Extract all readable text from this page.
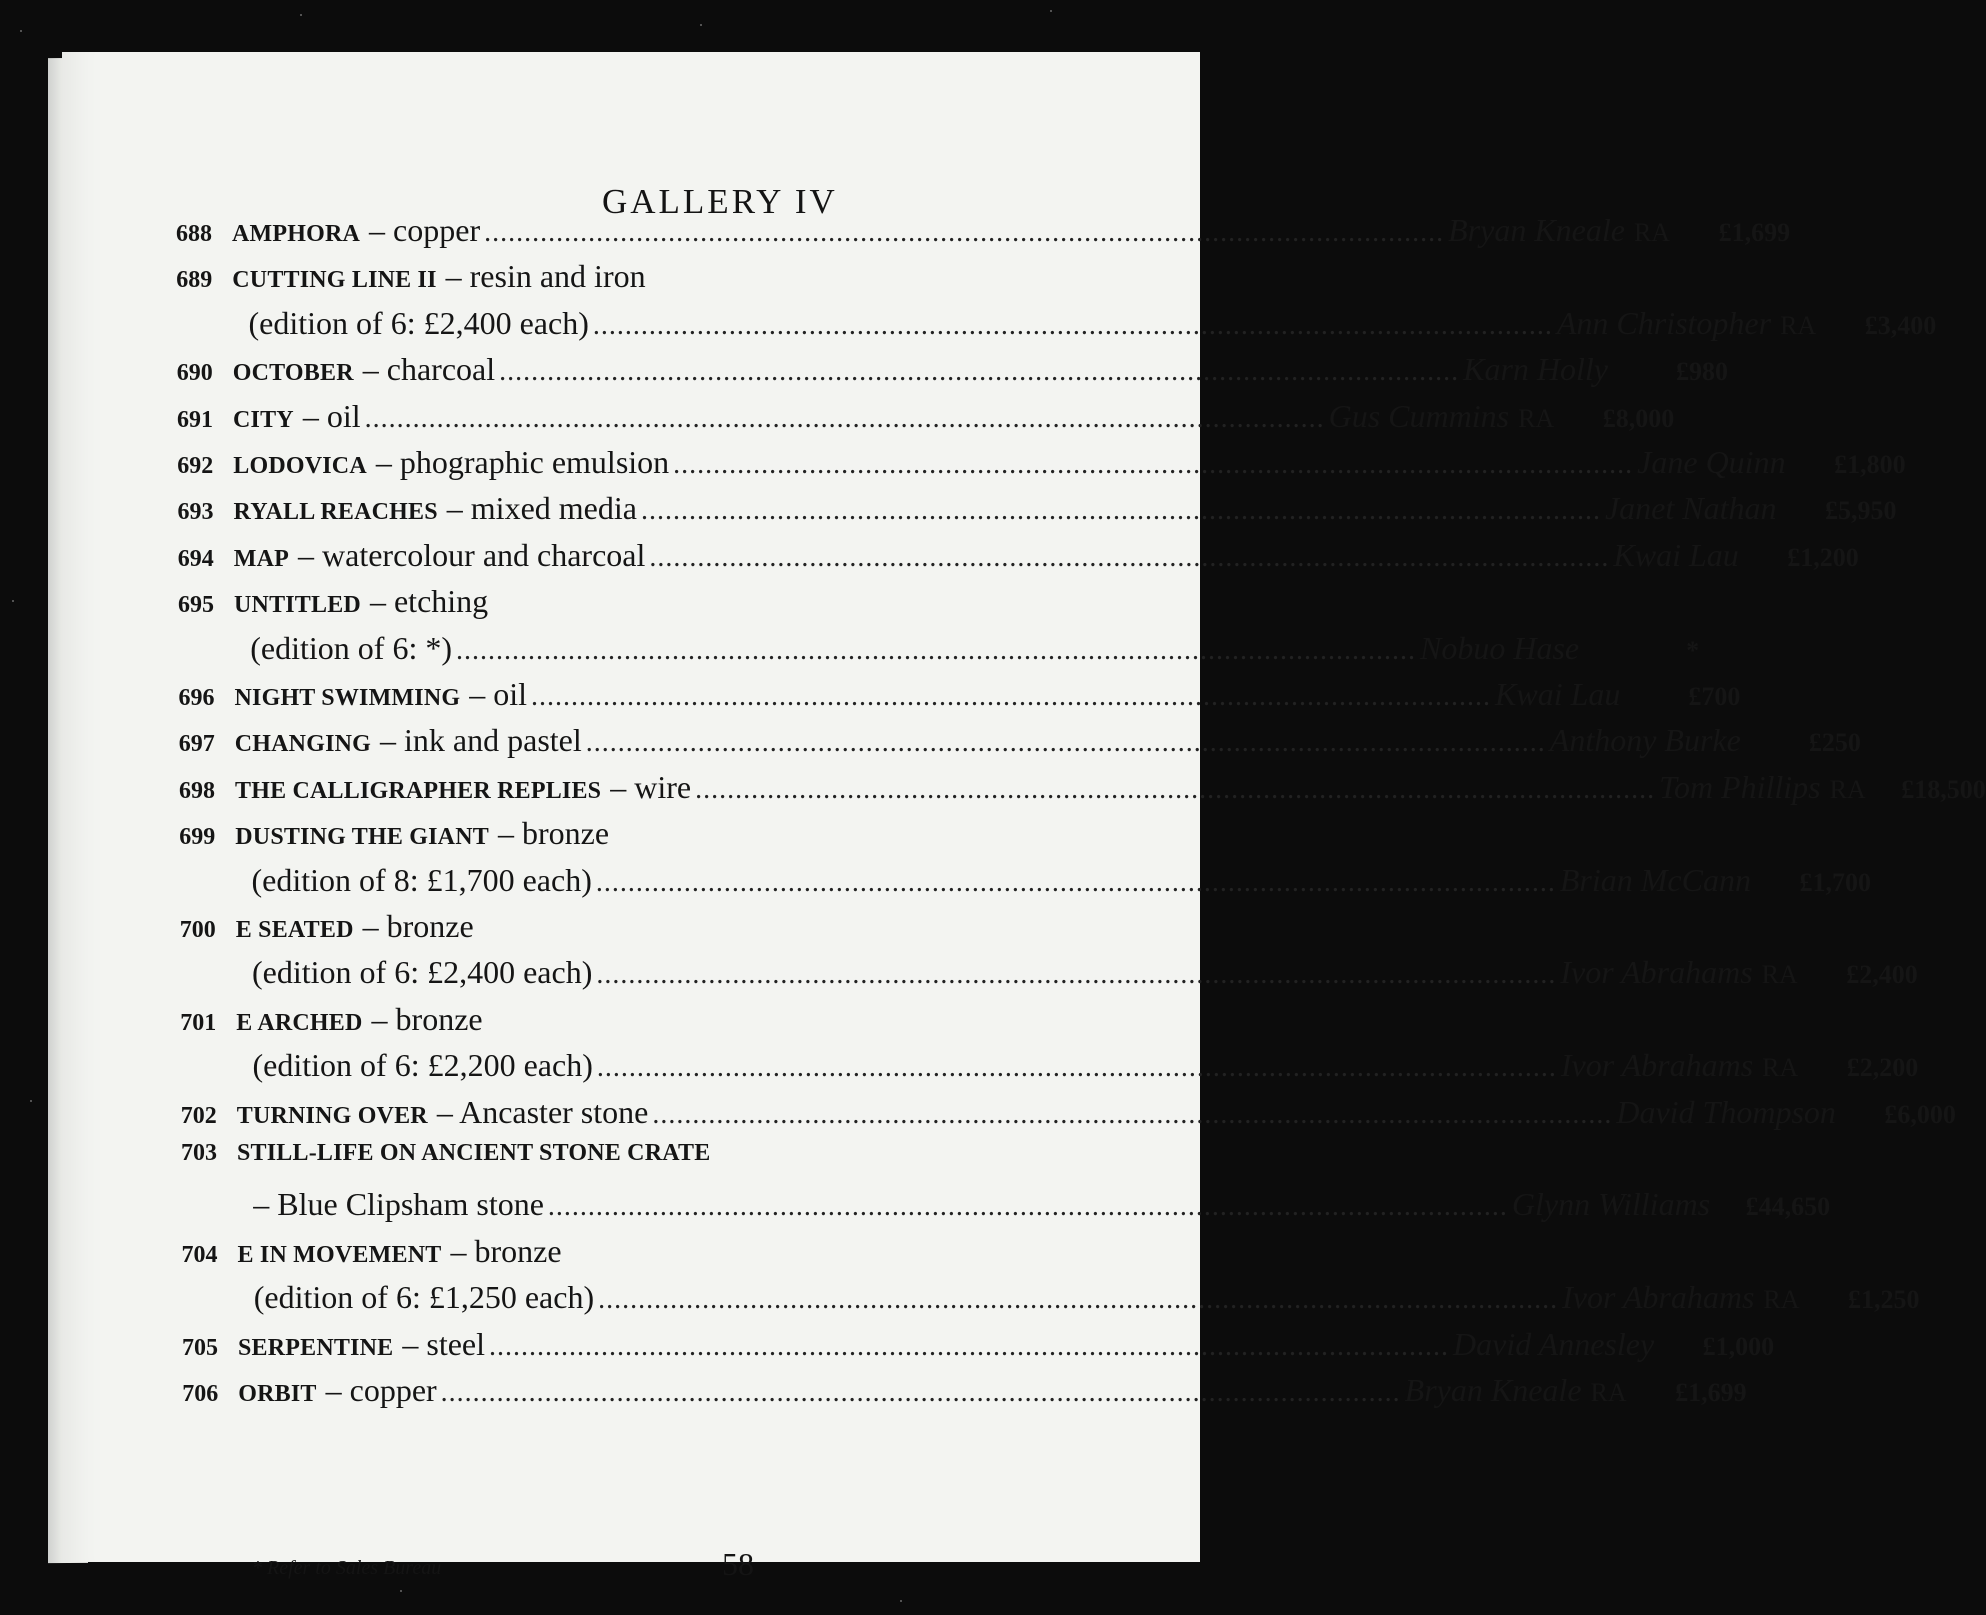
GALLERY IV
688 AMPHORA – copper ........................................................................................................................ Bryan Kneale RA	£1,699
689 CUTTING LINE II – resin and iron
(edition of 6: £2,400 each) ........................................................................................................................ Ann Christopher RA	£3,400
690 OCTOBER – charcoal ........................................................................................................................ Karn Holly	£980
691 CITY – oil ........................................................................................................................ Gus Cummins RA	£8,000
692 LODOVICA – phographic emulsion ........................................................................................................................ Jane Quinn	£1,800
693 RYALL REACHES – mixed media ........................................................................................................................ Janet Nathan	£5,950
694 MAP – watercolour and charcoal ........................................................................................................................ Kwai Lau	£1,200
695 UNTITLED – etching
(edition of 6: *) ........................................................................................................................ Nobuo Hase	*
696 NIGHT SWIMMING – oil ........................................................................................................................ Kwai Lau	£700
697 CHANGING – ink and pastel ........................................................................................................................ Anthony Burke	£250
698 THE CALLIGRAPHER REPLIES – wire ........................................................................................................................ Tom Phillips RA	£18,500
699 DUSTING THE GIANT – bronze
(edition of 8: £1,700 each) ........................................................................................................................ Brian McCann	£1,700
700 E SEATED – bronze
(edition of 6: £2,400 each) ........................................................................................................................ Ivor Abrahams RA	£2,400
701 E ARCHED – bronze
(edition of 6: £2,200 each) ........................................................................................................................ Ivor Abrahams RA	£2,200
702 TURNING OVER – Ancaster stone ........................................................................................................................ David Thompson	£6,000
703 STILL-LIFE ON ANCIENT STONE CRATE
– Blue Clipsham stone ........................................................................................................................ Glynn Williams	£44,650
704 E IN MOVEMENT – bronze
(edition of 6: £1,250 each) ........................................................................................................................ Ivor Abrahams RA	£1,250
705 SERPENTINE – steel ........................................................................................................................ David Annesley	£1,000
706 ORBIT – copper ........................................................................................................................ Bryan Kneale RA	£1,699
* Refer to Sales Bureau	58
